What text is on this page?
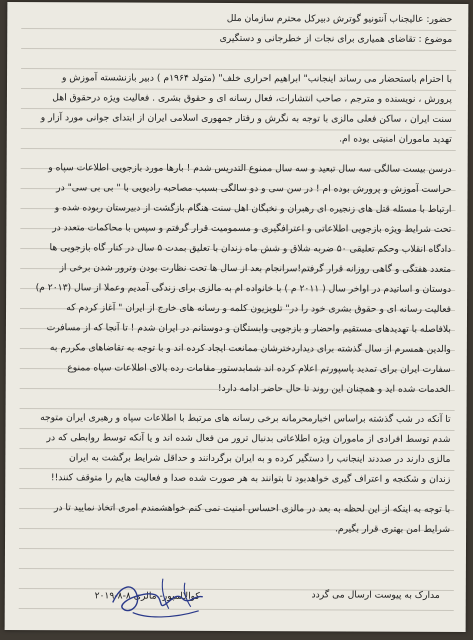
حضور: عالیجناب آنتونیو گوترش دبیرکل محترم سازمان ملل
موضوع : تقاضای همیاری برای نجات از خطرجانی و دستگیری
با احترام باستحضار می رساند اینجانب" ابراهیم احراری خلف" (متولد ۱۹۶۴م ) دبیر بازنشسته آموزش و
پرورش ، نویسنده و مترجم ، صاحب انتشارات، فعال رسانه ای و حقوق بشری . فعالیت ویژه درحقوق اهل
سنت ایران ، ساکن فعلی مالزی با توجه به نگرش و رفتار جمهوری اسلامی ایران از ابتدای جوانی مورد آزار و
تهدید ماموران امنیتی بوده ام.
درسن بیست سالگی سه سال تبعید و سه سال ممنوع التدریس شدم ! بارها مورد بازجویی اطلاعات سپاه و
حراست آموزش و پرورش بوده ام ! در سن سی و دو سالگی بسبب مصاحبه رادیویی با " بی بی سی" در
ارتباط با مسئله قتل های زنجیره ای رهبران و نخبگان اهل سنت هنگام بازگشت از دبیرستان ربوده شده و
تحت شرایط ویژه بازجویی اطلاعاتی و اعترافگیری و مسمومیت قرار گرفتم و سپس با محاکمات متعدد در
دادگاه انقلاب وحکم تعلیقی ۵۰ ضربه شلاق و شش ماه زندان با تعلیق بمدت ۵ سال در کنار گاه بازجویی ها
متعدد هفتگی و گاهی روزانه قرار گرفتم!سرانجام بعد از سال ها تحت نظارت بودن وترور شدن برخی از
دوستان و اساتیدم در اواخر سال ( ۲۰۱۱ م ) با خانواده ام به مالزی برای زندگی آمدیم وعملا از سال (۲۰۱۳ م)
فعالیت رسانه ای و حقوق بشری خود را در" تلویزیون کلمه و رسانه های خارج از ایران " آغاز کردم که
بلافاصله با تهدیدهای مستقیم واحضار و بازجویی وابستگان و دوستانم در ایران شدم ! تا آنجا که از مسافرت
والدین همسرم از سال گذشته برای دیداردخترشان ممانعت ایجاد کرده اند و با توجه به تقاضاهای مکررم به
سفارت ایران برای تمدید پاسپورتم اعلام کرده اند شمابدستور مقامات رده بالای اطلاعات سپاه ممنوع
الخدمات شده اید و همچنان این روند تا حال حاضر ادامه دارد!
تا آنکه در شب گذشته براساس اخبارمحرمانه برخی رسانه های مرتبط با اطلاعات سپاه و رهبری ایران متوجه
شدم توسط افرادی از ماموران ویژه اطلاعاتی بدنبال ترور من فعال شده اند و یا آنکه توسط روابطی که در
مالزی دارند در صددند اینجانب را دستگیر کرده و به ایران برگردانند و حداقل شرایط برگشت به ایران
زندان و شکنجه و اعتراف گیری خواهدبود تا بتوانند به هر صورت شده صدا و فعالیت هایم را متوقف کنند!!
با توجه به اینکه از این لحظه به بعد در مالزی احساس امنیت نمی کنم خواهشمندم امری اتخاذ نمایید تا در
شرایط امن بهتری قرار بگیرم.
مدارک به پیوست ارسال می گردد
کوالالمپور- مالزی ۸-۸-۲۰۱۹
